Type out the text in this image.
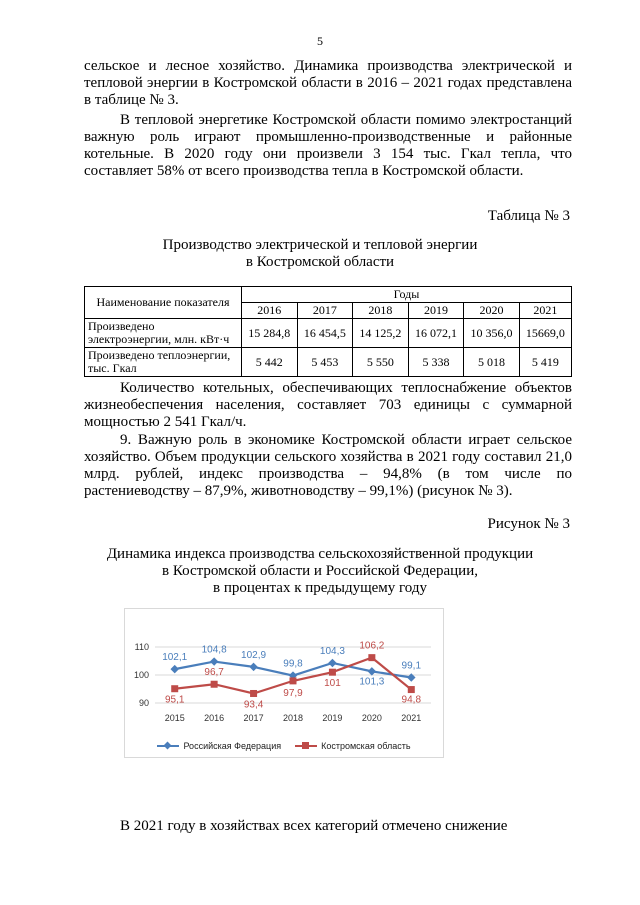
5

сельское и лесное хозяйство. Динамика производства электрической и тепловой энергии в Костромской области в 2016 – 2021 годах представлена в таблице № 3.

В тепловой энергетике Костромской области помимо электростанций важную роль играют промышленно-производственные и районные котельные. В 2020 году они произвели 3 154 тыс. Гкал тепла, что составляет 58% от всего производства тепла в Костромской области.

Таблица № 3
Производство электрической и тепловой энергии
в Костромской области
Наименование показателя	Годы					
	2016	2017	2018	2019	2020	2021
Произведено электроэнергии, млн. кВт·ч	15 284,8	16 454,5	14 125,2	16 072,1	10 356,0	15669,0
Произведено теплоэнергии, тыс. Гкал	5 442	5 453	5 550	5 338	5 018	5 419

Количество котельных, обеспечивающих теплоснабжение объектов жизнеобеспечения населения, составляет 703 единицы с суммарной мощностью 2 541 Гкал/ч.

9. Важную роль в экономике Костромской области играет сельское хозяйство. Объем продукции сельского хозяйства в 2021 году составил 21,0 млрд. рублей, индекс производства – 94,8% (в том числе по растениеводству – 87,9%, животноводству – 99,1%) (рисунок № 3).

Рисунок № 3
Динамика индекса производства сельскохозяйственной продукции
в Костромской области и Российской Федерации,
в процентах к предыдущему году
90
100
110
2015 2016 2017 2018 2019 2020 2021
102,1
104,8 102,9
99,8
104,3
101,3
99,1
95,1
96,7
93,4
97,9
101
106,2
94,8
Российская Федерация	Костромская область

В 2021 году в хозяйствах всех категорий отмечено снижение
